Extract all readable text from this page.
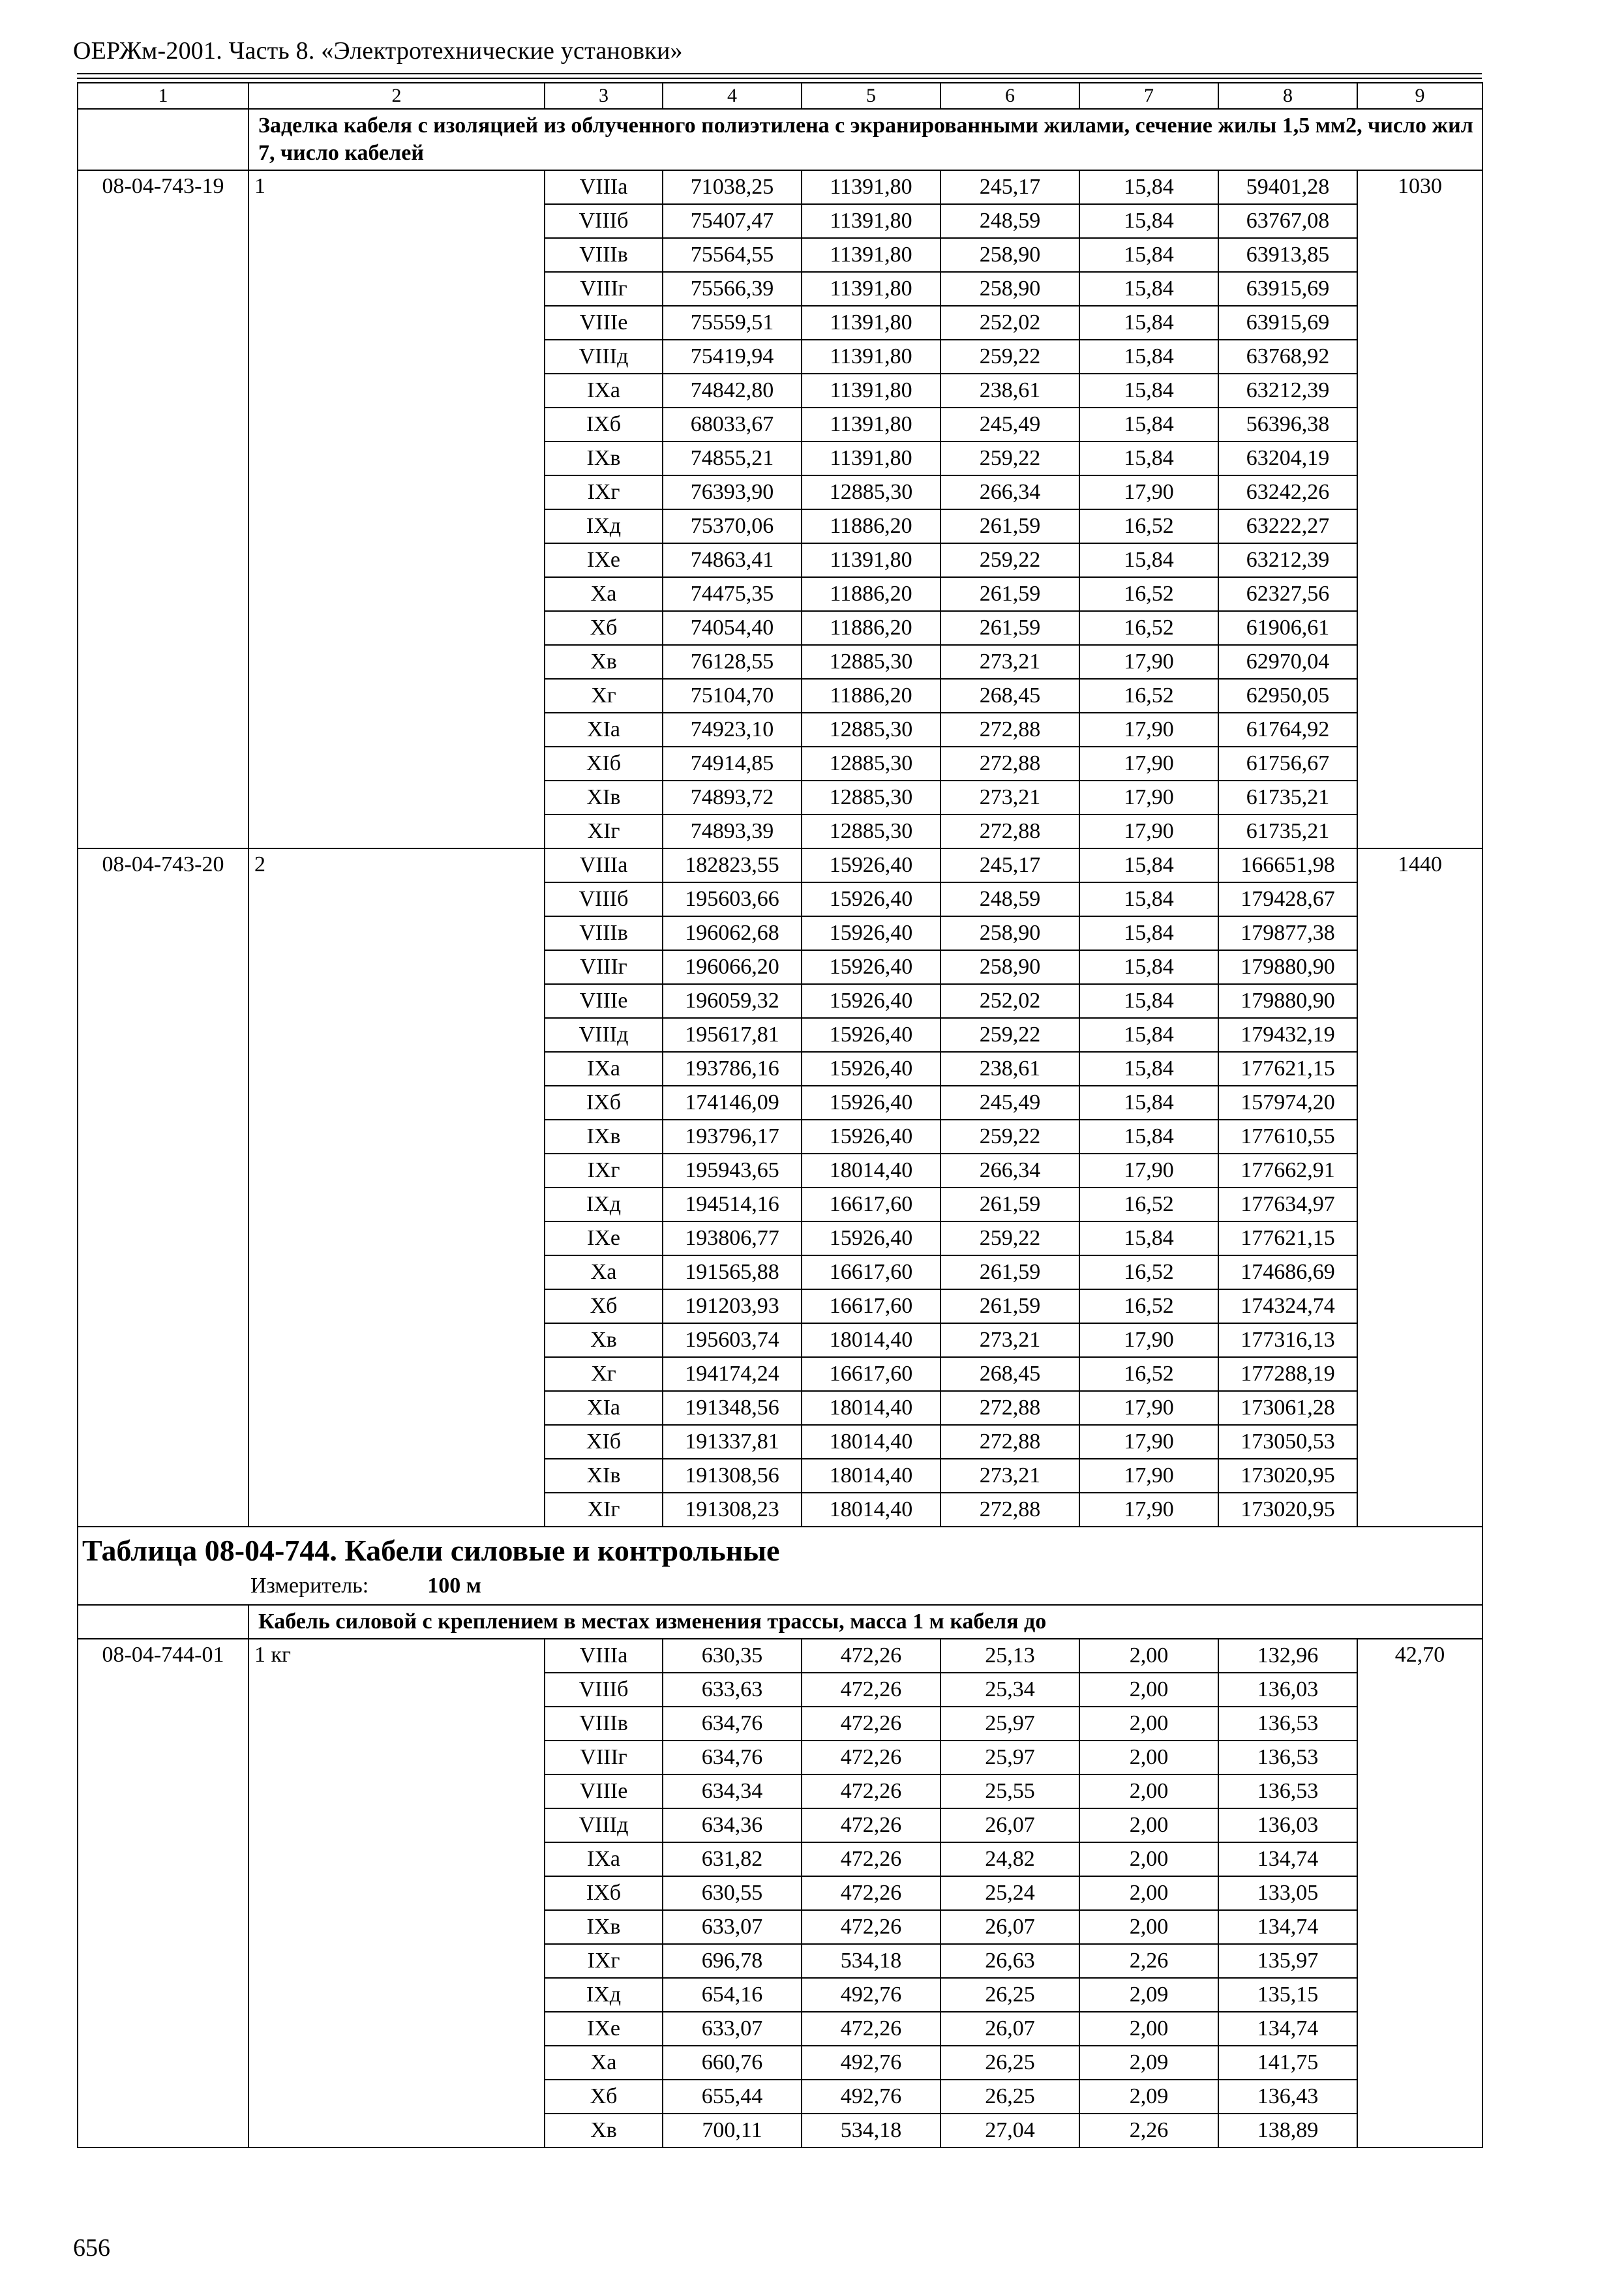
ОЕРЖм-2001. Часть 8. «Электротехнические установки»
1	2	3	4	5	6	7	8	9
	Заделка кабеля с изоляцией из облученного полиэтилена с экранированными жилами, сечение жилы 1,5 мм2, число жил 7, число кабелей							
08-04-743-19	1	VIIIа	71038,25	11391,80	245,17	15,84	59401,28	1030
		VIIIб	75407,47	11391,80	248,59	15,84	63767,08	
		VIIIв	75564,55	11391,80	258,90	15,84	63913,85	
		VIIIг	75566,39	11391,80	258,90	15,84	63915,69	
		VIIIе	75559,51	11391,80	252,02	15,84	63915,69	
		VIIIд	75419,94	11391,80	259,22	15,84	63768,92	
		IXа	74842,80	11391,80	238,61	15,84	63212,39	
		IXб	68033,67	11391,80	245,49	15,84	56396,38	
		IXв	74855,21	11391,80	259,22	15,84	63204,19	
		IXг	76393,90	12885,30	266,34	17,90	63242,26	
		IXд	75370,06	11886,20	261,59	16,52	63222,27	
		IXе	74863,41	11391,80	259,22	15,84	63212,39	
		Xа	74475,35	11886,20	261,59	16,52	62327,56	
		Xб	74054,40	11886,20	261,59	16,52	61906,61	
		Xв	76128,55	12885,30	273,21	17,90	62970,04	
		Xг	75104,70	11886,20	268,45	16,52	62950,05	
		XIа	74923,10	12885,30	272,88	17,90	61764,92	
		XIб	74914,85	12885,30	272,88	17,90	61756,67	
		XIв	74893,72	12885,30	273,21	17,90	61735,21	
		XIг	74893,39	12885,30	272,88	17,90	61735,21	
08-04-743-20	2	VIIIа	182823,55	15926,40	245,17	15,84	166651,98	1440
		VIIIб	195603,66	15926,40	248,59	15,84	179428,67	
		VIIIв	196062,68	15926,40	258,90	15,84	179877,38	
		VIIIг	196066,20	15926,40	258,90	15,84	179880,90	
		VIIIе	196059,32	15926,40	252,02	15,84	179880,90	
		VIIIд	195617,81	15926,40	259,22	15,84	179432,19	
		IXа	193786,16	15926,40	238,61	15,84	177621,15	
		IXб	174146,09	15926,40	245,49	15,84	157974,20	
		IXв	193796,17	15926,40	259,22	15,84	177610,55	
		IXг	195943,65	18014,40	266,34	17,90	177662,91	
		IXд	194514,16	16617,60	261,59	16,52	177634,97	
		IXе	193806,77	15926,40	259,22	15,84	177621,15	
		Xа	191565,88	16617,60	261,59	16,52	174686,69	
		Xб	191203,93	16617,60	261,59	16,52	174324,74	
		Xв	195603,74	18014,40	273,21	17,90	177316,13	
		Xг	194174,24	16617,60	268,45	16,52	177288,19	
		XIа	191348,56	18014,40	272,88	17,90	173061,28	
		XIб	191337,81	18014,40	272,88	17,90	173050,53	
		XIв	191308,56	18014,40	273,21	17,90	173020,95	
		XIг	191308,23	18014,40	272,88	17,90	173020,95	

Таблица 08-04-744. Кабели силовые и контрольные
Измеритель: 100 м								

	Кабель силовой с креплением в местах изменения трассы, масса 1 м кабеля до							
08-04-744-01	1 кг	VIIIа	630,35	472,26	25,13	2,00	132,96	42,70
		VIIIб	633,63	472,26	25,34	2,00	136,03	
		VIIIв	634,76	472,26	25,97	2,00	136,53	
		VIIIг	634,76	472,26	25,97	2,00	136,53	
		VIIIе	634,34	472,26	25,55	2,00	136,53	
		VIIIд	634,36	472,26	26,07	2,00	136,03	
		IXа	631,82	472,26	24,82	2,00	134,74	
		IXб	630,55	472,26	25,24	2,00	133,05	
		IXв	633,07	472,26	26,07	2,00	134,74	
		IXг	696,78	534,18	26,63	2,26	135,97	
		IXд	654,16	492,76	26,25	2,09	135,15	
		IXе	633,07	472,26	26,07	2,00	134,74	
		Xа	660,76	492,76	26,25	2,09	141,75	
		Xб	655,44	492,76	26,25	2,09	136,43	
		Xв	700,11	534,18	27,04	2,26	138,89	
656
